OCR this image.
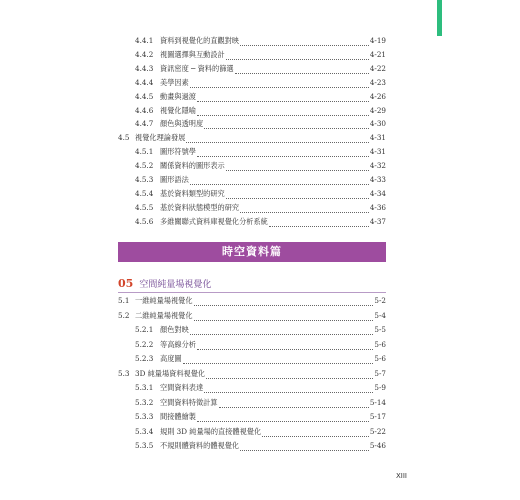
4.4.1 資料到視覺化的直觀對映	4-19
4.4.2 視圖選擇與互動設計	4-21
4.4.3 資訊密度 ─ 資料的篩選	4-22
4.4.4 美學因素	4-23
4.4.5 動畫與過渡	4-26
4.4.6 視覺化隱喻	4-29
4.4.7 顏色與透明度	4-30
4.5 視覺化理論發展	4-31
4.5.1 圖形符號學	4-31
4.5.2 關係資料的圖形表示	4-32
4.5.3 圖形語法	4-33
4.5.4 基於資料類型的研究	4-34
4.5.5 基於資料狀態模型的研究	4-36
4.5.6 多維關聯式資料庫視覺化分析系統	4-37
時空資料篇
05 空間純量場視覺化
5.1 一維純量場視覺化	5-2
5.2 二維純量場視覺化	5-4
5.2.1 顏色對映	5-5
5.2.2 等高線分析	5-6
5.2.3 高度圖	5-6
5.3 3D 純量場資料視覺化	5-7
5.3.1 空間資料表達	5-9
5.3.2 空間資料特徵計算	5-14
5.3.3 間接體繪製	5-17
5.3.4 規則 3D 純量場的直接體視覺化	5-22
5.3.5 不規則體資料的體視覺化	5-46
XIII
